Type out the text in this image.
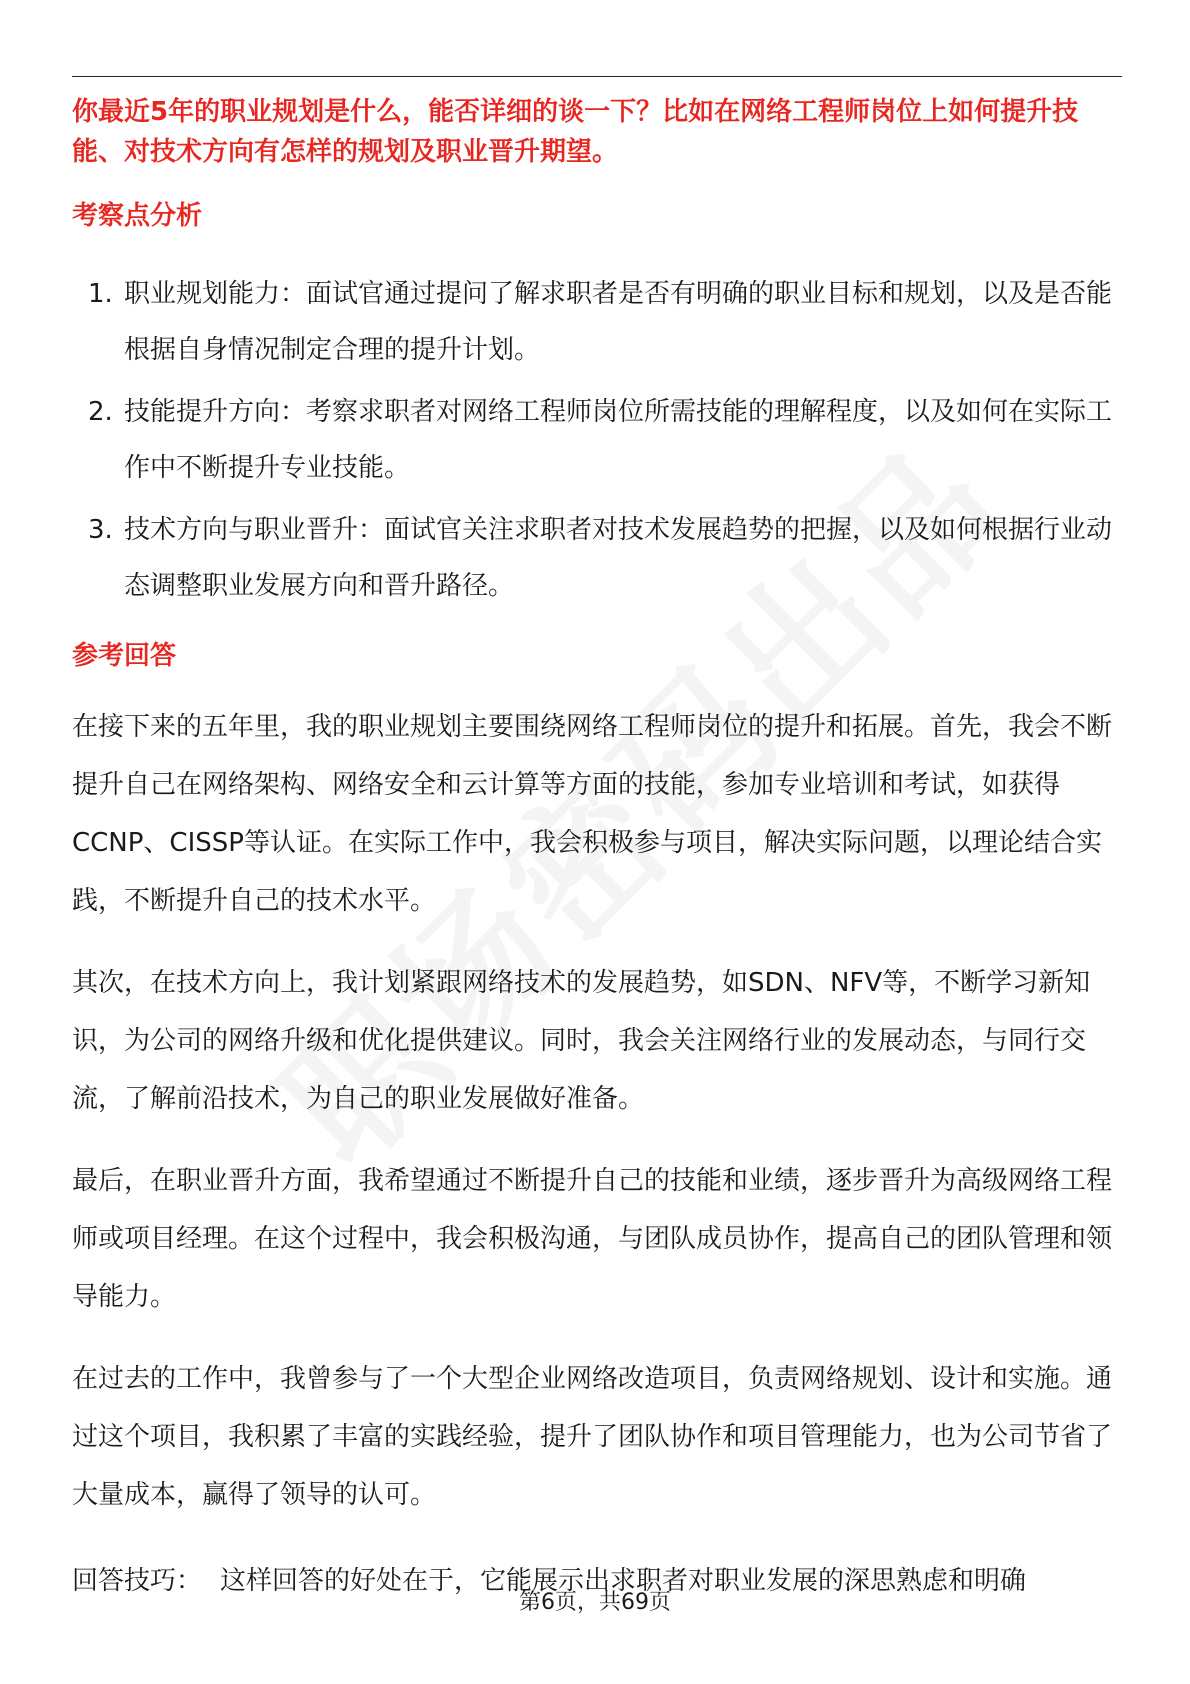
你最近5年的职业规划是什么，能否详细的谈一下？比如在网络工程师岗位上如何提升技能、对技术方向有怎样的规划及职业晋升期望。

考察点分析
1. 职业规划能力：面试官通过提问了解求职者是否有明确的职业目标和规划，以及是否能根据自身情况制定合理的提升计划。
2. 技能提升方向：考察求职者对网络工程师岗位所需技能的理解程度，以及如何在实际工作中不断提升专业技能。
3. 技术方向与职业晋升：面试官关注求职者对技术发展趋势的把握，以及如何根据行业动态调整职业发展方向和晋升路径。
参考回答

在接下来的五年里，我的职业规划主要围绕网络工程师岗位的提升和拓展。首先，我会不断提升自己在网络架构、网络安全和云计算等方面的技能，参加专业培训和考试，如获得CCNP、CISSP等认证。在实际工作中，我会积极参与项目，解决实际问题，以理论结合实践，不断提升自己的技术水平。

其次，在技术方向上，我计划紧跟网络技术的发展趋势，如SDN、NFV等，不断学习新知识，为公司的网络升级和优化提供建议。同时，我会关注网络行业的发展动态，与同行交流，了解前沿技术，为自己的职业发展做好准备。

最后，在职业晋升方面，我希望通过不断提升自己的技能和业绩，逐步晋升为高级网络工程师或项目经理。在这个过程中，我会积极沟通，与团队成员协作，提高自己的团队管理和领导能力。

在过去的工作中，我曾参与了一个大型企业网络改造项目，负责网络规划、设计和实施。通过这个项目，我积累了丰富的实践经验，提升了团队协作和项目管理能力，也为公司节省了大量成本，赢得了领导的认可。

回答技巧： 这样回答的好处在于，它能展示出求职者对职业发展的深思熟虑和明确

第6页，共69页
